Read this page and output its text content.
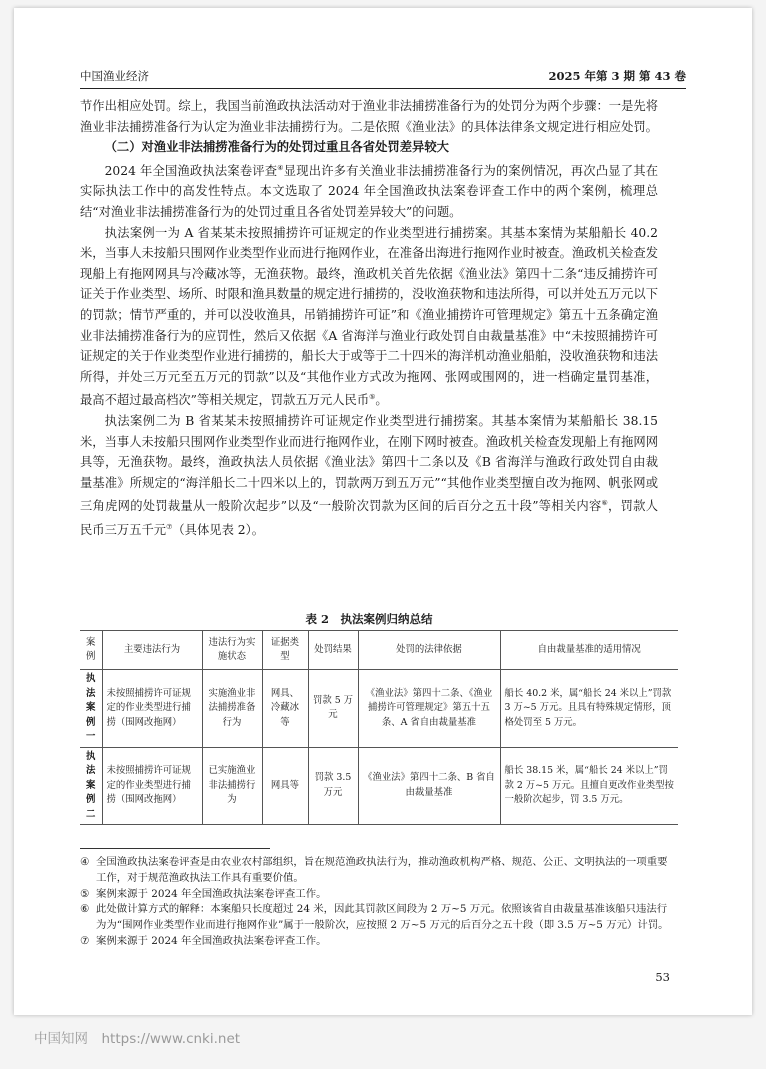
中国渔业经济	2025 年第 3 期 第 43 卷

节作出相应处罚。综上，我国当前渔政执法活动对于渔业非法捕捞准备行为的处罚分为两个步骤：一是先将渔业非法捕捞准备行为认定为渔业非法捕捞行为。二是依照《渔业法》的具体法律条文规定进行相应处罚。

（二）对渔业非法捕捞准备行为的处罚过重且各省处罚差异较大

2024 年全国渔政执法案卷评查④显现出许多有关渔业非法捕捞准备行为的案例情况，再次凸显了其在实际执法工作中的高发性特点。本文选取了 2024 年全国渔政执法案卷评查工作中的两个案例，梳理总结“对渔业非法捕捞准备行为的处罚过重且各省处罚差异较大”的问题。

执法案例一为 A 省某某未按照捕捞许可证规定的作业类型进行捕捞案。其基本案情为某船船长 40.2 米，当事人未按船只围网作业类型作业而进行拖网作业，在准备出海进行拖网作业时被查。渔政机关检查发现船上有拖网网具与冷藏冰等，无渔获物。最终，渔政机关首先依据《渔业法》第四十二条“违反捕捞许可证关于作业类型、场所、时限和渔具数量的规定进行捕捞的，没收渔获物和违法所得，可以并处五万元以下的罚款；情节严重的，并可以没收渔具，吊销捕捞许可证”和《渔业捕捞许可管理规定》第五十五条确定渔业非法捕捞准备行为的应罚性，然后又依据《A 省海洋与渔业行政处罚自由裁量基准》中“未按照捕捞许可证规定的关于作业类型作业进行捕捞的，船长大于或等于二十四米的海洋机动渔业船舶，没收渔获物和违法所得，并处三万元至五万元的罚款”以及“其他作业方式改为拖网、张网或围网的，进一档确定量罚基准，最高不超过最高档次”等相关规定，罚款五万元人民币⑤。

执法案例二为 B 省某某未按照捕捞许可证规定作业类型进行捕捞案。其基本案情为某船船长 38.15 米，当事人未按船只围网作业类型作业而进行拖网作业，在刚下网时被查。渔政机关检查发现船上有拖网网具等，无渔获物。最终，渔政执法人员依据《渔业法》第四十二条以及《B 省海洋与渔政行政处罚自由裁量基准》所规定的“海洋船长二十四米以上的，罚款两万到五万元”“其他作业类型擅自改为拖网、帆张网或三角虎网的处罚裁量从一般阶次起步”以及“一般阶次罚款为区间的后百分之五十段”等相关内容⑥，罚款人民币三万五千元⑦（具体见表 2）。

表 2　执法案例归纳总结
案例	主要违法行为	违法行为实施状态	证据类型	处罚结果	处罚的法律依据	自由裁量基准的适用情况
执法案例一	未按照捕捞许可证规定的作业类型进行捕捞（围网改拖网）	实施渔业非法捕捞准备行为	网具、冷藏冰等	罚款 5 万元	《渔业法》第四十二条、《渔业捕捞许可管理规定》第五十五条、A 省自由裁量基准	船长 40.2 米，属“船长 24 米以上”罚款 3 万~5 万元。且具有特殊规定情形，顶格处罚至 5 万元。
执法案例二	未按照捕捞许可证规定的作业类型进行捕捞（围网改拖网）	已实施渔业非法捕捞行为	网具等	罚款 3.5 万元	《渔业法》第四十二条、B 省自由裁量基准	船长 38.15 米，属“船长 24 米以上”罚款 2 万~5 万元。且擅自更改作业类型按一般阶次起步，罚 3.5 万元。
④ 全国渔政执法案卷评查是由农业农村部组织，旨在规范渔政执法行为，推动渔政机构严格、规范、公正、文明执法的一项重要工作，对于规范渔政执法工作具有重要价值。
⑤ 案例来源于 2024 年全国渔政执法案卷评查工作。
⑥ 此处做计算方式的解释：本案船只长度超过 24 米，因此其罚款区间段为 2 万~5 万元。依照该省自由裁量基准该船只违法行为为“围网作业类型作业而进行拖网作业”属于一般阶次，应按照 2 万~5 万元的后百分之五十段（即 3.5 万~5 万元）计罚。
⑦ 案例来源于 2024 年全国渔政执法案卷评查工作。
53
中国知网　https://www.cnki.net
